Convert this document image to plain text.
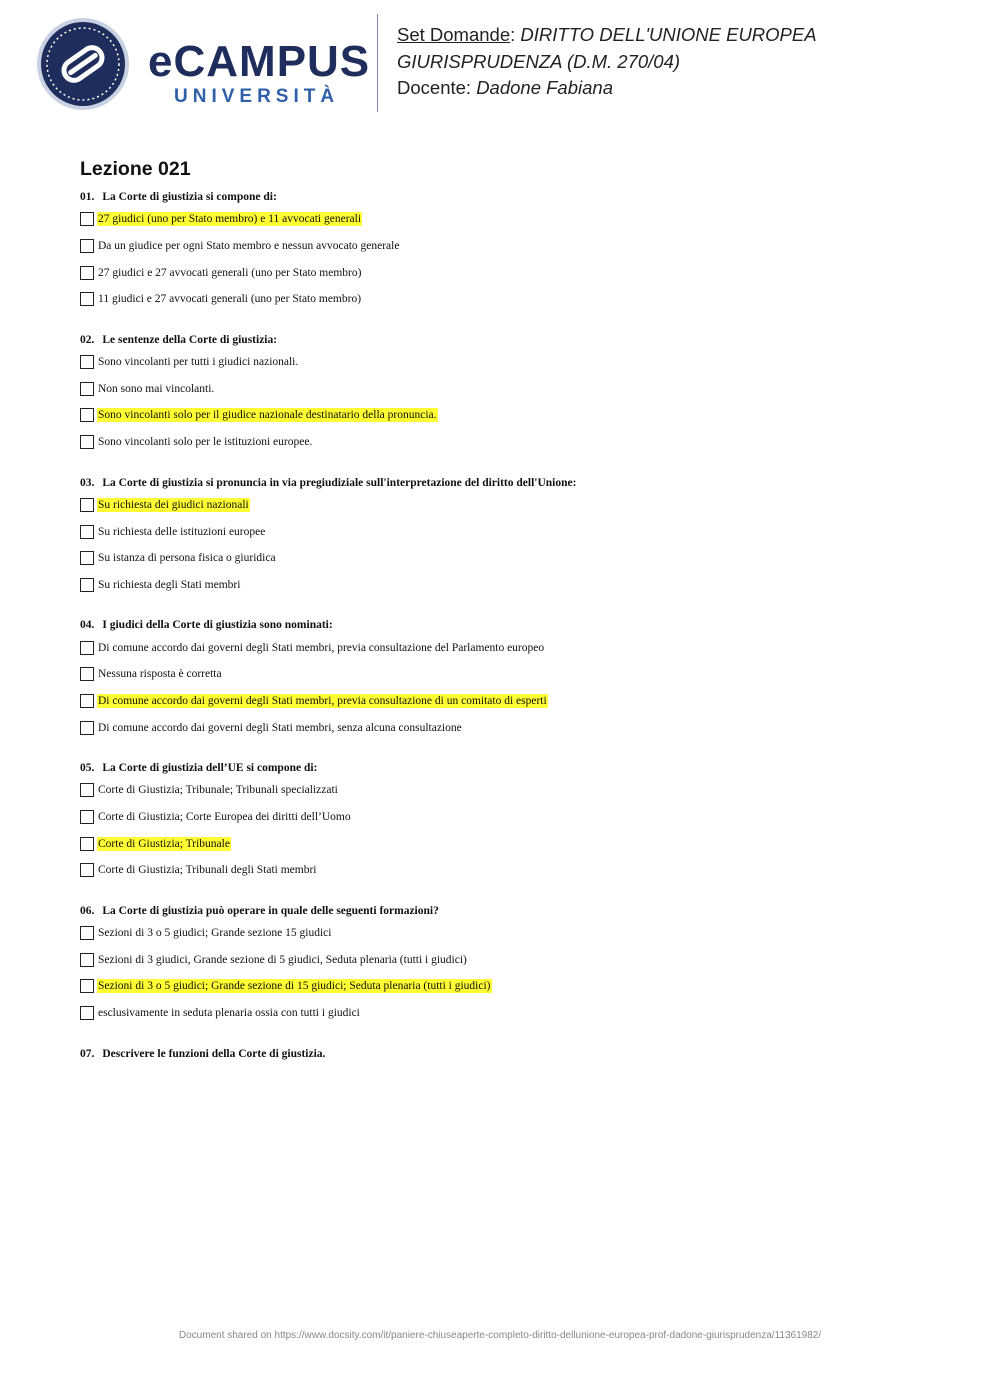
eCAMPUS
UNIVERSITÀ
Set Domande: DIRITTO DELL'UNIONE EUROPEA
GIURISPRUDENZA (D.M. 270/04)
Docente: Dadone Fabiana
Lezione 021
01. La Corte di giustizia si compone di:
27 giudici (uno per Stato membro) e 11 avvocati generali
Da un giudice per ogni Stato membro e nessun avvocato generale
27 giudici e 27 avvocati generali (uno per Stato membro)
11 giudici e 27 avvocati generali (uno per Stato membro)
02. Le sentenze della Corte di giustizia:
Sono vincolanti per tutti i giudici nazionali.
Non sono mai vincolanti.
Sono vincolanti solo per il giudice nazionale destinatario della pronuncia.
Sono vincolanti solo per le istituzioni europee.
03. La Corte di giustizia si pronuncia in via pregiudiziale sull'interpretazione del diritto dell'Unione:
Su richiesta dei giudici nazionali
Su richiesta delle istituzioni europee
Su istanza di persona fisica o giuridica
Su richiesta degli Stati membri
04. I giudici della Corte di giustizia sono nominati:
Di comune accordo dai governi degli Stati membri, previa consultazione del Parlamento europeo
Nessuna risposta è corretta
Di comune accordo dai governi degli Stati membri, previa consultazione di un comitato di esperti
Di comune accordo dai governi degli Stati membri, senza alcuna consultazione
05. La Corte di giustizia dell’UE si compone di:
Corte di Giustizia; Tribunale; Tribunali specializzati
Corte di Giustizia; Corte Europea dei diritti dell’Uomo
Corte di Giustizia; Tribunale
Corte di Giustizia; Tribunali degli Stati membri
06. La Corte di giustizia può operare in quale delle seguenti formazioni?
Sezioni di 3 o 5 giudici; Grande sezione 15 giudici
Sezioni di 3 giudici, Grande sezione di 5 giudici, Seduta plenaria (tutti i giudici)
Sezioni di 3 o 5 giudici; Grande sezione di 15 giudici; Seduta plenaria (tutti i giudici)
esclusivamente in seduta plenaria ossia con tutti i giudici
07. Descrivere le funzioni della Corte di giustizia.
Document shared on https://www.docsity.com/it/paniere-chiuseaperte-completo-diritto-dellunione-europea-prof-dadone-giurisprudenza/11361982/
